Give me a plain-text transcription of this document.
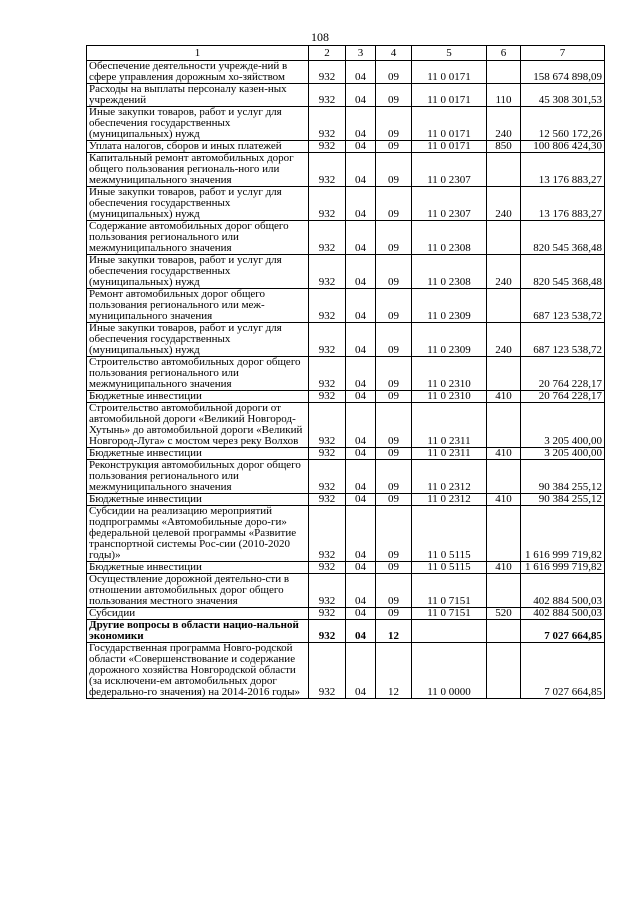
108
1	2	3	4	5	6	7
Обеспечение деятельности учрежде-ний в сфере управления дорожным хо-зяйством	932	04	09	11 0 0171		158 674 898,09
Расходы на выплаты персоналу казен-ных учреждений	932	04	09	11 0 0171	110	45 308 301,53
Иные закупки товаров, работ и услуг для обеспечения государственных (муниципальных) нужд	932	04	09	11 0 0171	240	12 560 172,26
Уплата налогов, сборов и иных платежей	932	04	09	11 0 0171	850	100 806 424,30
Капитальный ремонт автомобильных дорог общего пользования региональ-ного или межмуниципального значения	932	04	09	11 0 2307		13 176 883,27
Иные закупки товаров, работ и услуг для обеспечения государственных (муниципальных) нужд	932	04	09	11 0 2307	240	13 176 883,27
Содержание автомобильных дорог общего пользования регионального или межмуниципального значения	932	04	09	11 0 2308		820 545 368,48
Иные закупки товаров, работ и услуг для обеспечения государственных (муниципальных) нужд	932	04	09	11 0 2308	240	820 545 368,48
Ремонт автомобильных дорог общего пользования регионального или меж-муниципального значения	932	04	09	11 0 2309		687 123 538,72
Иные закупки товаров, работ и услуг для обеспечения государственных (муниципальных) нужд	932	04	09	11 0 2309	240	687 123 538,72
Строительство автомобильных дорог общего пользования регионального или межмуниципального значения	932	04	09	11 0 2310		20 764 228,17
Бюджетные инвестиции	932	04	09	11 0 2310	410	20 764 228,17
Строительство автомобильной дороги от автомобильной дороги «Великий Новгород-Хутынь» до автомобильной дороги «Великий Новгород-Луга» с мостом через реку Волхов	932	04	09	11 0 2311		3 205 400,00
Бюджетные инвестиции	932	04	09	11 0 2311	410	3 205 400,00
Реконструкция автомобильных дорог общего пользования регионального или межмуниципального значения	932	04	09	11 0 2312		90 384 255,12
Бюджетные инвестиции	932	04	09	11 0 2312	410	90 384 255,12
Субсидии на реализацию мероприятий подпрограммы «Автомобильные доро-ги» федеральной целевой программы «Развитие транспортной системы Рос-сии (2010-2020 годы)»	932	04	09	11 0 5115		1 616 999 719,82
Бюджетные инвестиции	932	04	09	11 0 5115	410	1 616 999 719,82
Осуществление дорожной деятельно-сти в отношении автомобильных дорог общего пользования местного значения	932	04	09	11 0 7151		402 884 500,03
Субсидии	932	04	09	11 0 7151	520	402 884 500,03
Другие вопросы в области нацио-нальной экономики	932	04	12			7 027 664,85
Государственная программа Новго-родской области «Совершенствование и содержание дорожного хозяйства Новгородской области (за исключени-ем автомобильных дорог федерально-го значения) на 2014-2016 годы»	932	04	12	11 0 0000		7 027 664,85
